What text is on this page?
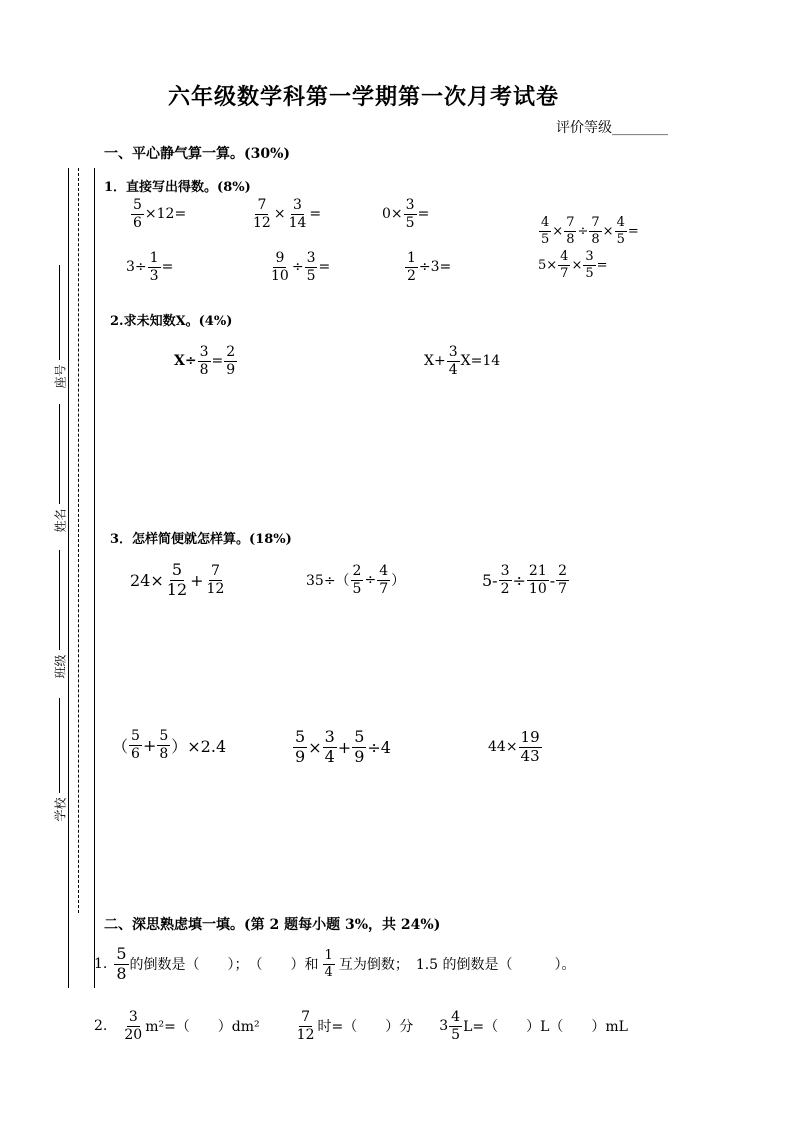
六年级数学科第一学期第一次月考试卷
评价等级________
座号
姓名
班级
学校
一、平心静气算一算。(30%)
1．直接写出得数。(8%)
$\frac{5}{6} \times 12=$	$\frac{7}{12} \times \frac{3}{14}$ =	$0\times \frac{3}{5}$ =
$\frac{4}{5} \times \frac{7}{8} \div \frac{7}{8} \times \frac{4}{5}$ =
$3\div \frac{1}{3}$ =	$\frac{9}{10} \div \frac{3}{5}$ =	$\frac{1}{2} \div 3=$	$5\times \frac{4}{7} \times \frac{3}{5}$ =
2.求未知数X。(4%)
$X\div \frac{3}{8} = \frac{2}{9}$	$X+ \frac{3}{4} X=14$
3．怎样简便就怎样算。(18%)
$24\times \frac{5}{12} + \frac{7}{12}$	$35\div( \frac{2}{5} \div \frac{4}{7}$ ）	$5- \frac{3}{2} \div \frac{21}{10} - \frac{2}{7}$
（ $\frac{5}{6} + \frac{5}{8} )\times 2.4$	$\frac{5}{9} \times \frac{3}{4} + \frac{5}{9} \div 4$	$44\times \frac{19}{43}$
二、深思熟虑填一填。(第 2 题每小题 3%，共 24%)
1. $\frac{5}{8}$ 的倒数是（　　）；　（　　）和 $\frac{1}{4}$ 互为倒数；　1.5 的倒数是（　　　）。
2. $\frac{3}{20} m^2=$（　　）dm²	$\frac{7}{12}$ 时=（　　）分 $3 \frac{4}{5} L=$（　　）L（　　）mL
